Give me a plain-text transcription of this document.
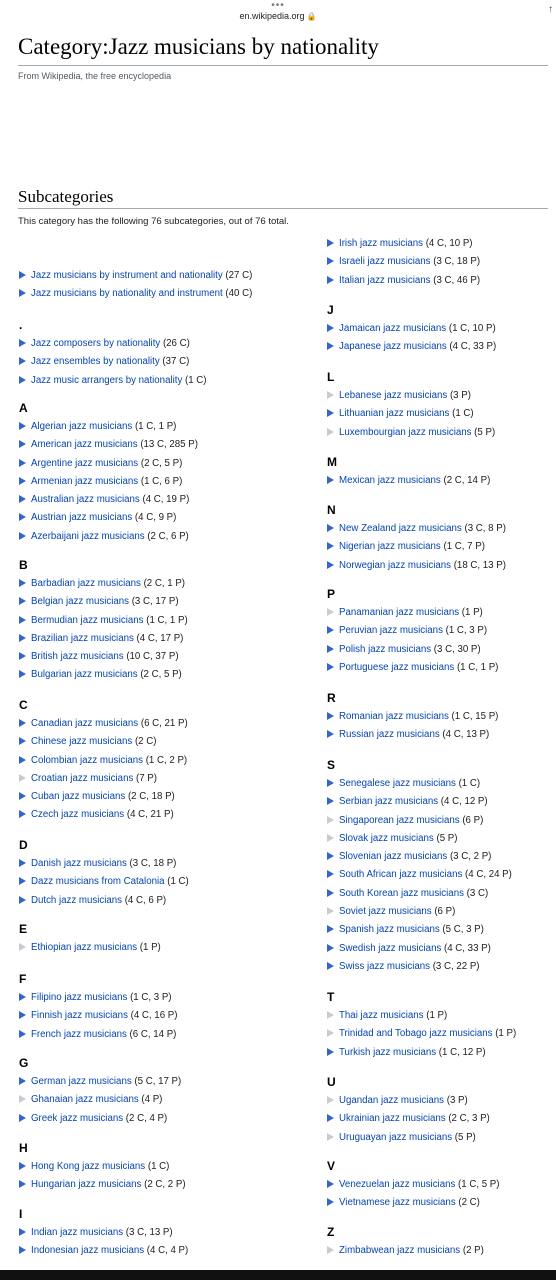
•••
en.wikipedia.org 🔒
↑
Category:Jazz musicians by nationality
From Wikipedia, the free encyclopedia
Subcategories
This category has the following 76 subcategories, out of 76 total.
Jazz musicians by instrument and nationality (27 C)
Jazz musicians by nationality and instrument (40 C)
.
Jazz composers by nationality (26 C)
Jazz ensembles by nationality (37 C)
Jazz music arrangers by nationality (1 C)
A
Algerian jazz musicians (1 C, 1 P)
American jazz musicians (13 C, 285 P)
Argentine jazz musicians (2 C, 5 P)
Armenian jazz musicians (1 C, 6 P)
Australian jazz musicians (4 C, 19 P)
Austrian jazz musicians (4 C, 9 P)
Azerbaijani jazz musicians (2 C, 6 P)
B
Barbadian jazz musicians (2 C, 1 P)
Belgian jazz musicians (3 C, 17 P)
Bermudian jazz musicians (1 C, 1 P)
Brazilian jazz musicians (4 C, 17 P)
British jazz musicians (10 C, 37 P)
Bulgarian jazz musicians (2 C, 5 P)
C
Canadian jazz musicians (6 C, 21 P)
Chinese jazz musicians (2 C)
Colombian jazz musicians (1 C, 2 P)
Croatian jazz musicians (7 P)
Cuban jazz musicians (2 C, 18 P)
Czech jazz musicians (4 C, 21 P)
D
Danish jazz musicians (3 C, 18 P)
Dazz musicians from Catalonia (1 C)
Dutch jazz musicians (4 C, 6 P)
E
Ethiopian jazz musicians (1 P)
F
Filipino jazz musicians (1 C, 3 P)
Finnish jazz musicians (4 C, 16 P)
French jazz musicians (6 C, 14 P)
G
German jazz musicians (5 C, 17 P)
Ghanaian jazz musicians (4 P)
Greek jazz musicians (2 C, 4 P)
H
Hong Kong jazz musicians (1 C)
Hungarian jazz musicians (2 C, 2 P)
I
Indian jazz musicians (3 C, 13 P)
Indonesian jazz musicians (4 C, 4 P)
Irish jazz musicians (4 C, 10 P)
Israeli jazz musicians (3 C, 18 P)
Italian jazz musicians (3 C, 46 P)
J
Jamaican jazz musicians (1 C, 10 P)
Japanese jazz musicians (4 C, 33 P)
L
Lebanese jazz musicians (3 P)
Lithuanian jazz musicians (1 C)
Luxembourgian jazz musicians (5 P)
M
Mexican jazz musicians (2 C, 14 P)
N
New Zealand jazz musicians (3 C, 8 P)
Nigerian jazz musicians (1 C, 7 P)
Norwegian jazz musicians (18 C, 13 P)
P
Panamanian jazz musicians (1 P)
Peruvian jazz musicians (1 C, 3 P)
Polish jazz musicians (3 C, 30 P)
Portuguese jazz musicians (1 C, 1 P)
R
Romanian jazz musicians (1 C, 15 P)
Russian jazz musicians (4 C, 13 P)
S
Senegalese jazz musicians (1 C)
Serbian jazz musicians (4 C, 12 P)
Singaporean jazz musicians (6 P)
Slovak jazz musicians (5 P)
Slovenian jazz musicians (3 C, 2 P)
South African jazz musicians (4 C, 24 P)
South Korean jazz musicians (3 C)
Soviet jazz musicians (6 P)
Spanish jazz musicians (5 C, 3 P)
Swedish jazz musicians (4 C, 33 P)
Swiss jazz musicians (3 C, 22 P)
T
Thai jazz musicians (1 P)
Trinidad and Tobago jazz musicians (1 P)
Turkish jazz musicians (1 C, 12 P)
U
Ugandan jazz musicians (3 P)
Ukrainian jazz musicians (2 C, 3 P)
Uruguayan jazz musicians (5 P)
V
Venezuelan jazz musicians (1 C, 5 P)
Vietnamese jazz musicians (2 C)
Z
Zimbabwean jazz musicians (2 P)
